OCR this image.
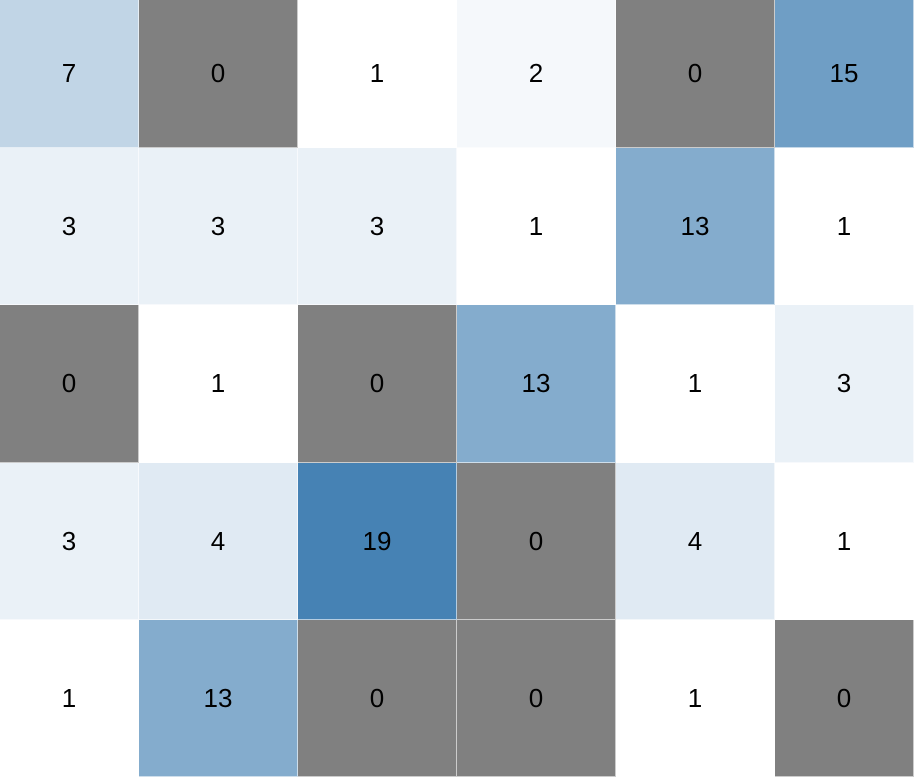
7	0	1	2	0	15
3	3	3	1	13	1
0	1	0	13	1	3
3	4	19	0	4	1
1	13	0	0	1	0
